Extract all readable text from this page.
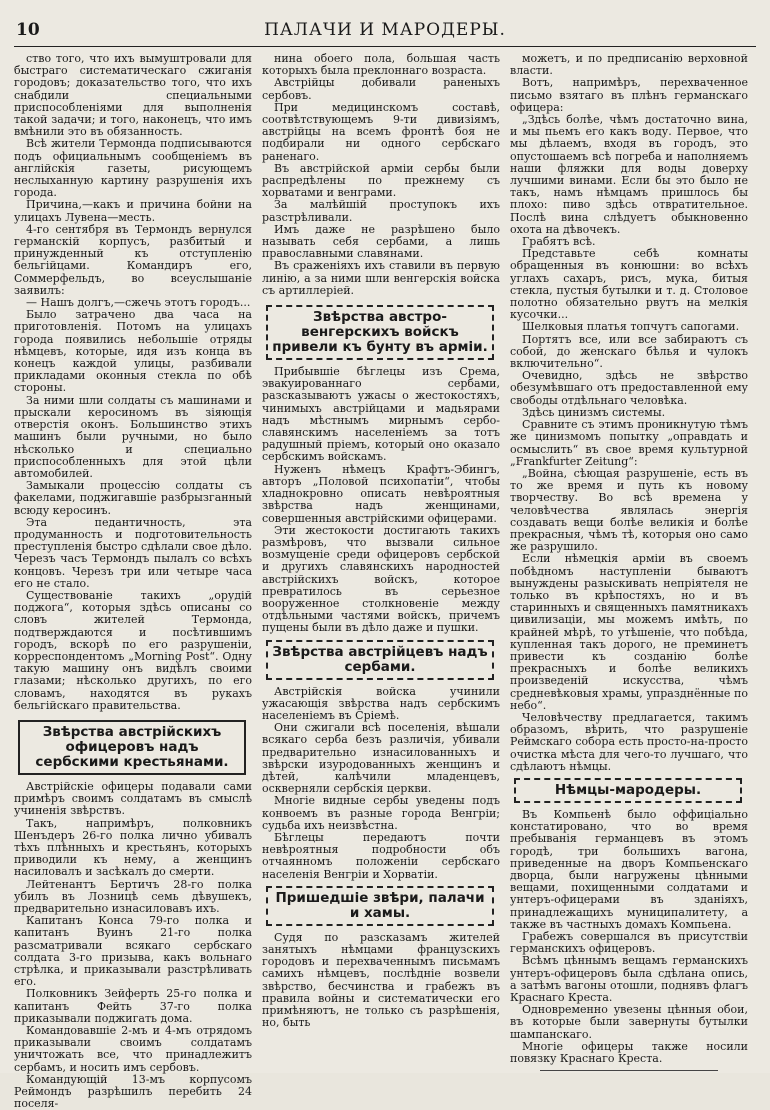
10	ПАЛАЧИ И МАРОДЕРЫ.

ство того, что ихъ вымуштровали для быстрагo систематическаго сжиганія городовъ; доказательство того, что ихъ снабдили специальными приспособленіями для выполненія такой задачи; и того, наконецъ, что имъ вмѣнили это въ обязанность.

Всѣ жители Термонда подписываются подъ официальнымъ сообщеніемъ въ англійскія газеты, рисующемъ неслыханную картину разрушенія ихъ города.

Причина,—какъ и причина бойни на улицахъ Лувена—месть.

4-го сентября въ Термондъ вернулся германскій корпусъ, разбитый и принужденный къ отступленію бельгійцами. Командиръ его, Соммерфельдъ, во всеуслышаніе заявилъ:

— Нашъ долгъ,—сжечь этотъ городъ...

Было затрачено два часа на приготовленія. Потомъ на улицахъ города появились небольшіе отряды нѣмцевъ, которые, идя изъ конца въ конецъ каждой улицы, разбивали прикладами оконныя стекла по обѣ стороны.

За ними шли солдаты съ машинами и прыскали керосиномъ въ зіяющія отверстія оконъ. Большинство этихъ машинъ были ручными, но было нѣсколько и специально приспособленныхъ для этой цѣли автомобилей.

Замыкали процессію солдаты съ факелами, поджигавшіе разбрызганный всюду керосинъ.

Эта педантичность, эта продуманность и подготовительность преступленія быстро сдѣлали свое дѣло. Черезъ часъ Термондъ пылалъ со всѣхъ концовъ. Черезъ три или четыре часа его не стало.

Существованіе такихъ „орудій поджога“, которыя здѣсь описаны со словъ жителей Термонда, подтверждаются и посѣтившимъ городъ, вскорѣ по его разрушеніи, корреспондентомъ „Morning Post“. Одну такую машину онъ видѣлъ своими глазами; нѣсколько другихъ, по его словамъ, находятся въ рукахъ бельгійскаго правительства.

Звѣрства австрійскихъ офицеровъ надъ сербскими крестьянами.

Австрійскіе офицеры подавали сами примѣръ своимъ солдатамъ въ смыслѣ учиненія звѣрствъ.

Такъ, напримѣръ, полковникъ Шенъдеръ 26-го полка лично убивалъ тѣхъ плѣнныхъ и крестьянъ, которыхъ приводили къ нему, а женщинъ насиловалъ и засѣкалъ до смерти.

Лейтенантъ Бертичъ 28-го полка убилъ въ Лозницѣ семь дѣвушекъ, предварительно изнасиловавъ ихъ.

Капитанъ Конса 79-го полка и капитанъ Вуинъ 21-го полка разсматривали всякаго сербскаго солдата 3-го призыва, какъ вольнаго стрѣлка, и приказывали разстрѣливать его.

Полковникъ Зейферть 25-го полка и капитанъ Фейть 37-го полка приказывали поджигать дома.

Командовавшіе 2-мъ и 4-мъ отрядомъ приказывали своимъ солдатамъ уничтожать все, что принадлежитъ сербамъ, и носить имъ сербовъ.

Командующій 13-мъ корпусомъ Реймондъ разрѣшилъ перебить 24 поселя-

нина обоего пола, большая часть которыхъ была преклоннаго возраста.

Австрійцы добивали раненыхъ сербовъ.

При медицинскомъ составѣ, соотвѣтствующемъ 9-ти дивизіямъ, австрійцы на всемъ фронтѣ боя не подбирали ни одного сербскаго раненаго.

Въ австрійской арміи сербы были распредѣлены по прежнему съ хорватами и венграми.

За малѣйшій проступокъ ихъ разстрѣливали.

Имъ даже не разрѣшено было называть себя сербами, а лишь православными славянами.

Въ сраженіяхъ ихъ ставили въ первую линію, а за ними шли венгерскія войска съ артиллеріей.

Звѣрства австро-венгерскихъ войскъ привели къ бунту въ арміи.

Прибывшіе бѣглецы изъ Срема, эвакуированнаго сербами, разсказываютъ ужасы о жестокостяхъ, чинимыхъ австрійцами и мадьярами надъ мѣстнымъ мирнымъ сербо-славянскимъ населеніемъ за тотъ радушный пріемъ, который оно оказало сербскимъ войскамъ.

Нуженъ нѣмецъ Крафтъ-Эбингъ, авторъ „Половой психопатіи“, чтобы хладнокровно описать невѣроятныя звѣрства надъ женщинами, совершенныя австрійскими офицерами.

Эти жестокости достигають такихъ размѣровъ, что вызвали сильное возмущеніе среди офицеровъ сербской и другихъ славянскихъ народностей австрійскихъ войскъ, которое превратилось въ серьезное вооруженное столкновеніе между отдѣльными частями войскъ, причемъ пущены были въ дѣло даже и пушки.

Звѣрства австрійцевъ надъ сербами.

Австрійскія войска учинили ужасающія звѣрства надъ сербскимъ населеніемъ въ Сріемѣ.

Они сжигали всѣ поселенія, вѣшали всякаго серба безъ различія, убивали предварительно изнасилованныхъ и звѣрски изуродованныхъ женщинъ и дѣтей, калѣчили младенцевъ, оскверняли сербскія церкви.

Многіе видные сербы уведены подъ конвоемъ въ разные города Венгріи; судьба ихъ неизвѣстна.

Бѣглецы передаютъ почти невѣроятныя подробности объ отчаянномъ положеніи сербскаго населенія Венгріи и Хорватіи.

Пришедшіе звѣри, палачи и хамы.

Судя по разсказамъ жителей занятыхъ нѣмцами французскихъ городовъ и перехваченнымъ письмамъ самихъ нѣмцевъ, послѣдніе возвели звѣрство, бесчинства и грабежъ въ правила войны и систематически его примѣняютъ, не только съ разрѣшенія, но, быть

можетъ, и по предписанію верховной власти.

Вотъ, напримѣръ, перехваченное письмо взятаго въ плѣнъ германскаго офицера:

„Здѣсь болѣе, чѣмъ достаточно вина, и мы пьемъ его какъ воду. Первое, что мы дѣлаемъ, входя въ городъ, это опустошаемъ всѣ погреба и наполняемъ наши фляжки для воды доверху лучшими винами. Если бы это было не такъ, намъ нѣмцамъ пришлось бы плохо: пиво здѣсь отвратительное. Послѣ вина слѣдуетъ обыкновенно охота на дѣвочекъ.

Грабятъ всѣ.

Представьте себѣ комнаты обращенныя въ конюшни: во всѣхъ углахъ сахаръ, рисъ, мука, битыя стекла, пустыя бутылки и т. д. Столовое полотно обязательно рвутъ на мелкія кусочки...

Шелковыя платья топчутъ сапогами.

Портятъ все, или все забираютъ съ собой, до женскаго бѣлья и чулокъ включительно“.

Очевидно, здѣсь не звѣрство обезумѣвшаго отъ предоставленной ему свободы отдѣльнаго человѣка.

Здѣсь цинизмъ системы.

Сравните съ этимъ проникнутую тѣмъ же цинизмомъ попытку „оправдать и осмыслить“ въ свое время культурной „Frankfurter Zeitung“:

„Война, сѣющая разрушеніе, есть въ то же время и путь къ новому творчеству. Во всѣ времена у человѣчества являлась энергія создавать вещи болѣе великія и болѣе прекрасныя, чѣмъ тѣ, которыя оно само же разрушило.

Если нѣмецкія арміи въ своемъ побѣдномъ наступленіи бываютъ вынуждены разыскивать непріятеля не только въ крѣпостяхъ, но и въ старинныхъ и священныхъ памятникахъ цивилизаціи, мы можемъ имѣть, по крайней мѣрѣ, то утѣшеніе, что побѣда, купленная такъ дорого, не преминетъ привести къ созданію болѣе прекрасныхъ и болѣе великихъ произведеній искусства, чѣмъ средневѣковыя храмы, упразднённые по небо“.

Человѣчеству предлагается, такимъ образомъ, вѣрить, что разрушеніе Реймскаго собора есть просто-на-просто очистка мѣста для чего-то лучшаго, что сдѣлаютъ нѣмцы.

Нѣмцы-мародеры.

Въ Компьенѣ было оффиціально констатировано, что во время пребыванія германцевъ въ этомъ городѣ, три большихъ вагона, приведенные на дворъ Компьенскаго дворца, были нагружены цѣнными вещами, похищенными солдатами и унтеръ-офицерами въ зданіяхъ, принадлежащихъ муниципалитету, а также въ частныхъ домахъ Компьена.

Грабежъ совершался въ присутствіи германскихъ офицеровъ.

Всѣмъ цѣннымъ вещамъ германскихъ унтеръ-офицеровъ была сдѣлана опись, а затѣмъ вагоны отошли, поднявъ флагъ Краснаго Креста.

Одновременно увезены цѣнныя обои, въ которые были завернуты бутылки шампанскаго.

Многіе офицеры также носили повязку Краснаго Креста.
